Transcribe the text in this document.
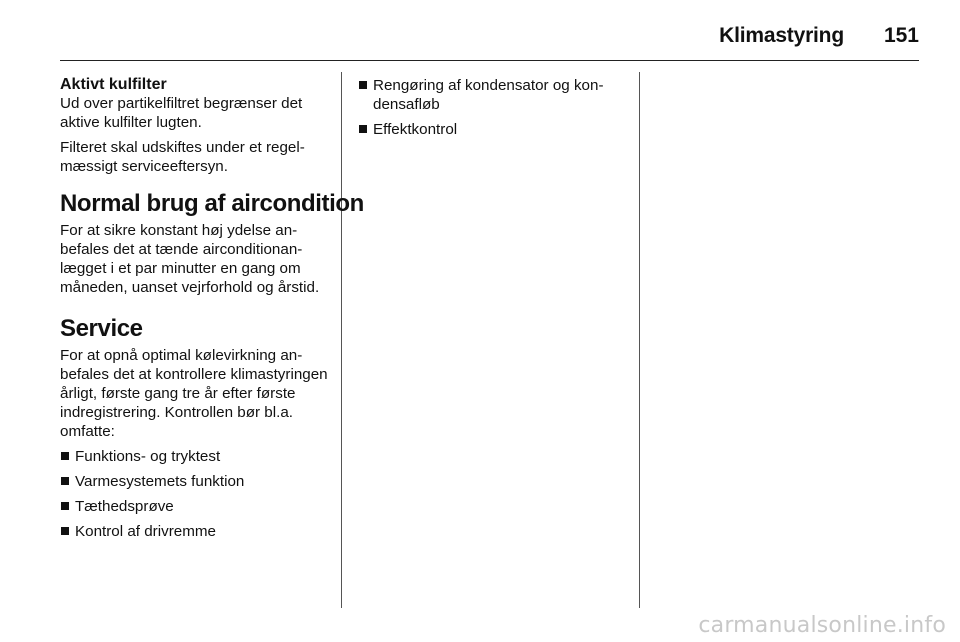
Klimastyring 151
Aktivt kulfilter

Ud over partikelfiltret begrænser det aktive kulfilter lugten.

Filteret skal udskiftes under et regelmæssigt serviceeftersyn.

Normal brug af aircondition

For at sikre konstant høj ydelse anbefales det at tænde airconditionanlægget i et par minutter en gang om måneden, uanset vejrforhold og årstid.

Service

For at opnå optimal kølevirkning anbefales det at kontrollere klimastyringen årligt, første gang tre år efter første indregistrering. Kontrollen bør bl.a. omfatte:

Funktions- og tryktest
Varmesystemets funktion
Tæthedsprøve
Kontrol af drivremme
Rengøring af kondensator og kondensafløb
Effektkontrol
carmanualsonline.info
